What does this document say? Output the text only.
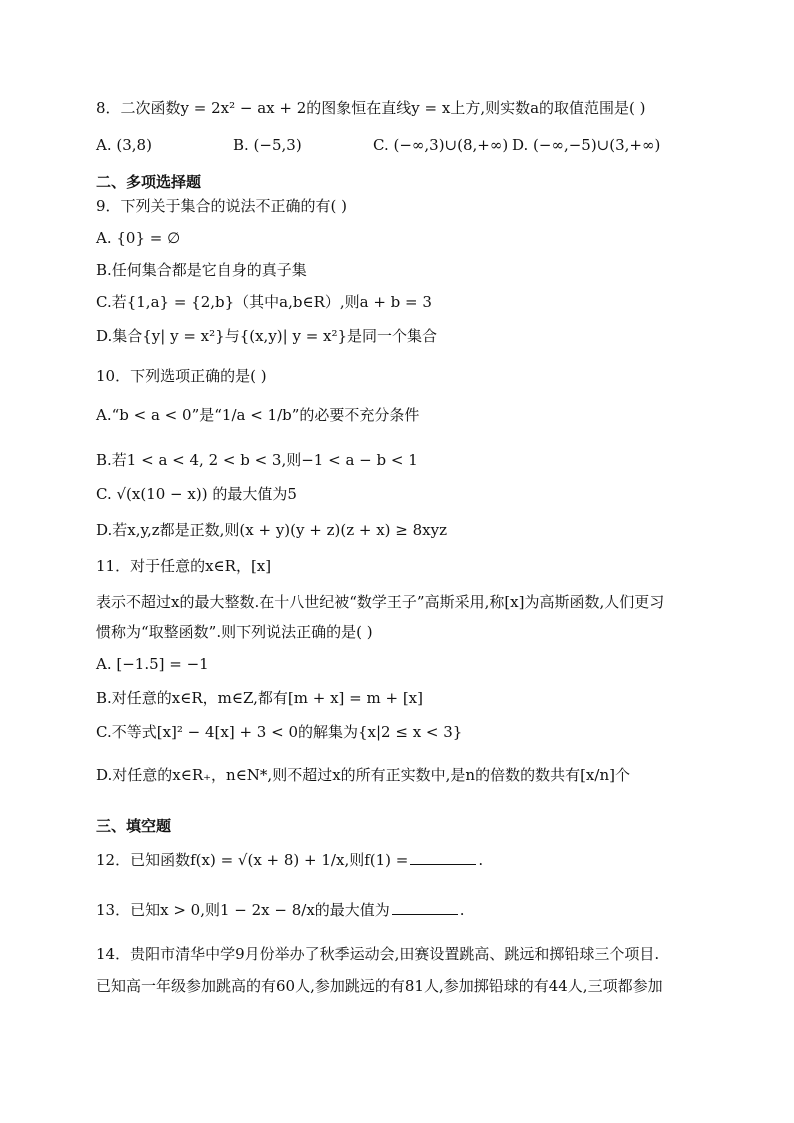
8．二次函数y = 2x² − ax + 2的图象恒在直线y = x上方,则实数a的取值范围是( )
A. (3,8)	B. (−5,3)	C. (−∞,3)∪(8,+∞) D. (−∞,−5)∪(3,+∞)
二、多项选择题
9．下列关于集合的说法不正确的有( )
A. {0} = ∅
B.任何集合都是它自身的真子集
C.若{1,a} = {2,b}（其中a,b∈R）,则a + b = 3
D.集合{y| y = x²}与{(x,y)| y = x²}是同一个集合
10．下列选项正确的是( )
A.“b < a < 0”是“1/a < 1/b”的必要不充分条件
B.若1 < a < 4, 2 < b < 3,则−1 < a − b < 1
C. √(x(10 − x)) 的最大值为5
D.若x,y,z都是正数,则(x + y)(y + z)(z + x) ≥ 8xyz
11．对于任意的x∈R，[x]
表示不超过x的最大整数.在十八世纪被“数学王子”高斯采用,称[x]为高斯函数,人们更习
惯称为“取整函数”.则下列说法正确的是( )
A. [−1.5] = −1
B.对任意的x∈R，m∈Z,都有[m + x] = m + [x]
C.不等式[x]² − 4[x] + 3 < 0的解集为{x|2 ≤ x < 3}
D.对任意的x∈R₊，n∈N*,则不超过x的所有正实数中,是n的倍数的数共有[x/n]个
三、填空题
12．已知函数f(x) = √(x + 8) + 1/x,则f(1) =	.
13．已知x > 0,则1 − 2x − 8/x的最大值为	.
14．贵阳市清华中学9月份举办了秋季运动会,田赛设置跳高、跳远和掷铅球三个项目.
已知高一年级参加跳高的有60人,参加跳远的有81人,参加掷铅球的有44人,三项都参加
